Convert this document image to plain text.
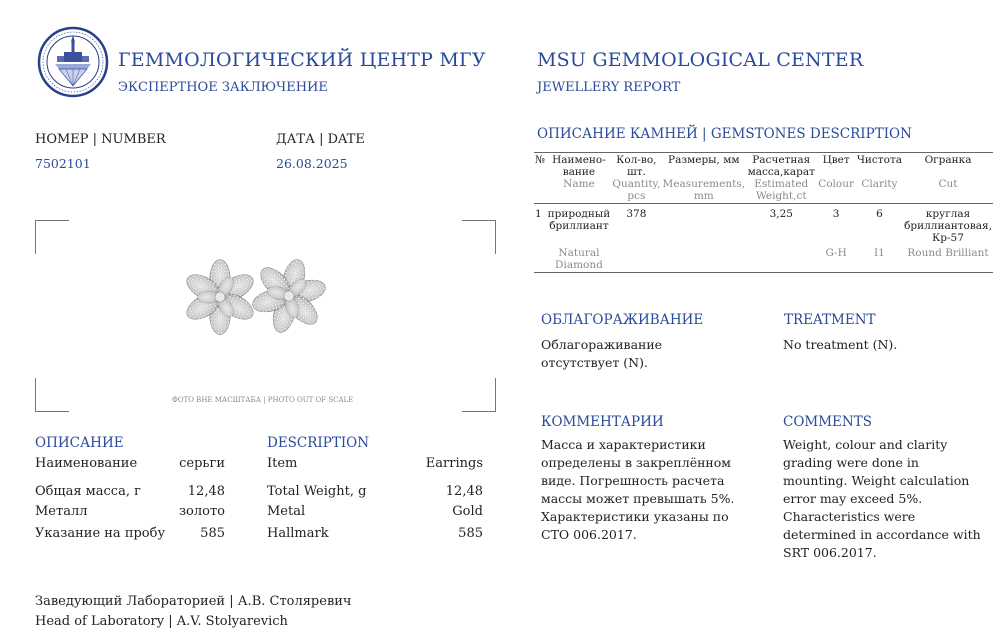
ГЕММОЛОГИЧЕСКИЙ ЦЕНТР МГУ
ЭКСПЕРТНОЕ ЗАКЛЮЧЕНИЕ
MSU GEMMOLOGICAL CENTER
JEWELLERY REPORT
НОМЕР | NUMBER
7502101
ДАТА | DATE
26.08.2025
ФОТО ВНЕ МАСШТАБА | PHOTO OUT OF SCALE
ОПИСАНИЕ	DESCRIPTION
Наименование	серьги	Item	Earrings
Общая масса, г	12,48	Total Weight, g	12,48
Металл	золото	Metal	Gold
Указание на пробу	585	Hallmark	585
Заведующий Лабораторией | А.В. Столяревич
Head of Laboratory | A.V. Stolyarevich
ОПИСАНИЕ КАМНЕЙ | GEMSTONES DESCRIPTION
№	Наимено-вание	Кол-во, шт.	Размеры, мм	Расчетная масса,карат	Цвет	Чистота	Огранка
	Name	Quantity, pcs	Measurements, mm	Estimated Weight,ct	Colour	Clarity	Cut
1	природный бриллиант	378		3,25	3	6	круглая бриллиантовая, Кр-57
	Natural Diamond				G-H	I1	Round Brilliant
ОБЛАГОРАЖИВАНИЕ
Облагораживание отсутствует (N).
TREATMENT
No treatment (N).
КОММЕНТАРИИ
Масса и характеристики определены в закреплённом виде. Погрешность расчета массы может превышать 5%. Характеристики указаны по СТО 006.2017.
COMMENTS
Weight, colour and clarity grading were done in mounting. Weight calculation error may exceed 5%. Characteristics were determined in accordance with SRT 006.2017.
